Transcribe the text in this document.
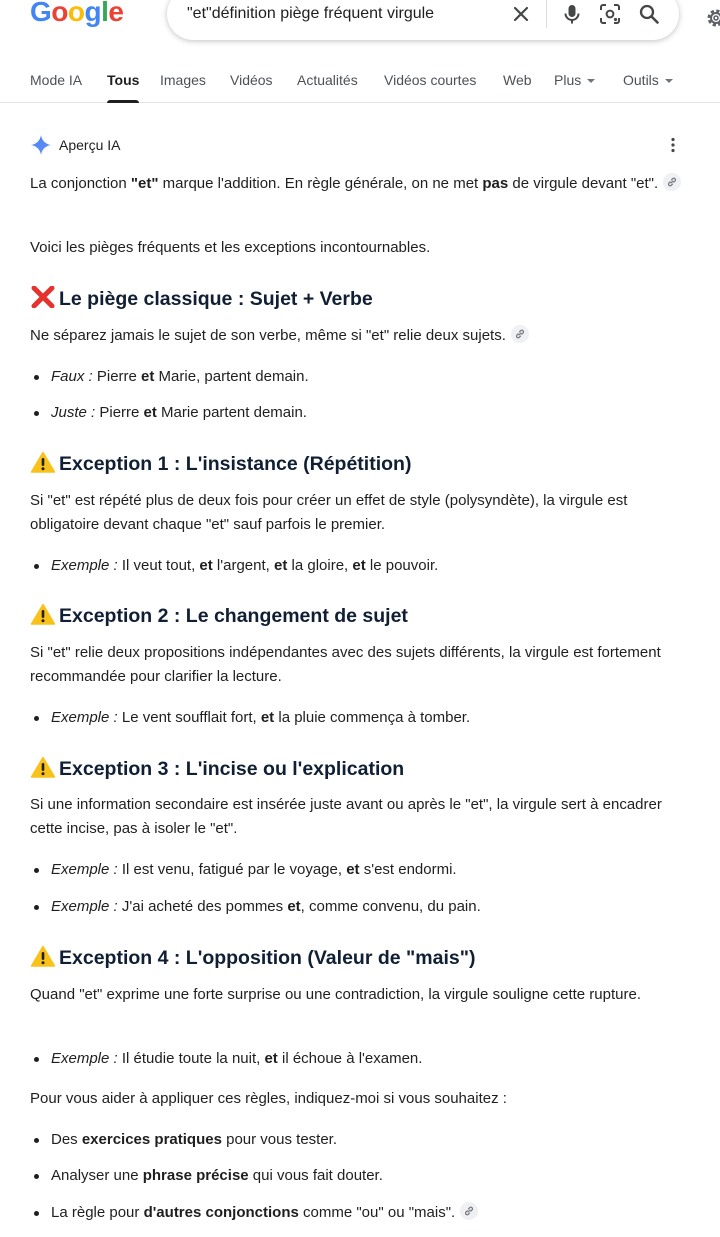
Google	"et"définition piège fréquent virgule
Mode IA Tous Images Vidéos Actualités Vidéos courtes Web Plus	Outils
Aperçu IA
La conjonction "et" marque l'addition. En règle générale, on ne met pas de virgule devant "et".
Voici les pièges fréquents et les exceptions incontournables.
Le piège classique : Sujet + Verbe
Ne séparez jamais le sujet de son verbe, même si "et" relie deux sujets.
Faux : Pierre et Marie, partent demain.
Juste : Pierre et Marie partent demain.
Exception 1 : L'insistance (Répétition)
Si "et" est répété plus de deux fois pour créer un effet de style (polysyndète), la virgule est obligatoire devant chaque "et" sauf parfois le premier.
Exemple : Il veut tout, et l'argent, et la gloire, et le pouvoir.
Exception 2 : Le changement de sujet
Si "et" relie deux propositions indépendantes avec des sujets différents, la virgule est fortement recommandée pour clarifier la lecture.
Exemple : Le vent soufflait fort, et la pluie commença à tomber.
Exception 3 : L'incise ou l'explication
Si une information secondaire est insérée juste avant ou après le "et", la virgule sert à encadrer cette incise, pas à isoler le "et".
Exemple : Il est venu, fatigué par le voyage, et s'est endormi.
Exemple : J'ai acheté des pommes et, comme convenu, du pain.
Exception 4 : L'opposition (Valeur de "mais")
Quand "et" exprime une forte surprise ou une contradiction, la virgule souligne cette rupture.
Exemple : Il étudie toute la nuit, et il échoue à l'examen.
Pour vous aider à appliquer ces règles, indiquez-moi si vous souhaitez :
Des exercices pratiques pour vous tester.
Analyser une phrase précise qui vous fait douter.
La règle pour d'autres conjonctions comme "ou" ou "mais".
